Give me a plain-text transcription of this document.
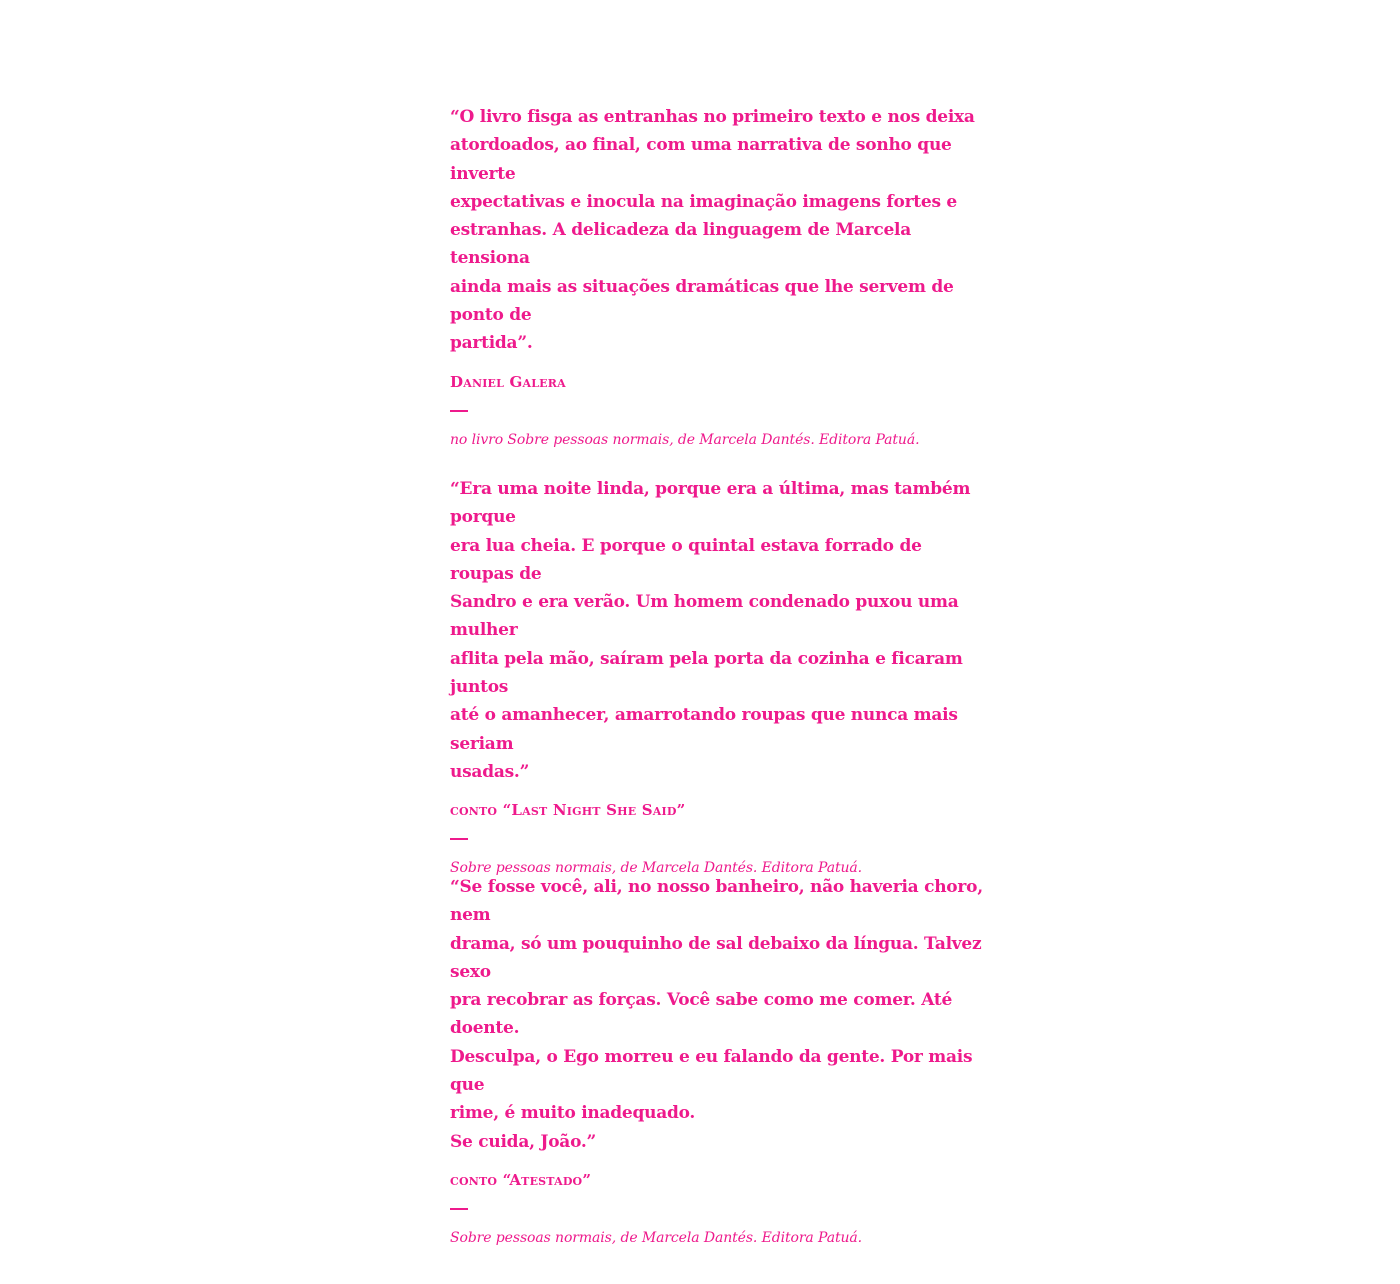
“O livro fisga as entranhas no primeiro texto e nos deixa
atordoados, ao final, com uma narrativa de sonho que inverte
expectativas e inocula na imaginação imagens fortes e
estranhas. A delicadeza da linguagem de Marcela tensiona
ainda mais as situações dramáticas que lhe servem de ponto de
partida”.

Daniel Galera

no livro Sobre pessoas normais, de Marcela Dantés. Editora Patuá.

“Era uma noite linda, porque era a última, mas também porque
era lua cheia. E porque o quintal estava forrado de roupas de
Sandro e era verão. Um homem condenado puxou uma mulher
aflita pela mão, saíram pela porta da cozinha e ficaram juntos
até o amanhecer, amarrotando roupas que nunca mais seriam
usadas.”

conto “Last Night She Said”

Sobre pessoas normais, de Marcela Dantés. Editora Patuá.

“Se fosse você, ali, no nosso banheiro, não haveria choro, nem
drama, só um pouquinho de sal debaixo da língua. Talvez sexo
pra recobrar as forças. Você sabe como me comer. Até doente.
Desculpa, o Ego morreu e eu falando da gente. Por mais que
rime, é muito inadequado.
Se cuida, João.”

conto “Atestado”

Sobre pessoas normais, de Marcela Dantés. Editora Patuá.
